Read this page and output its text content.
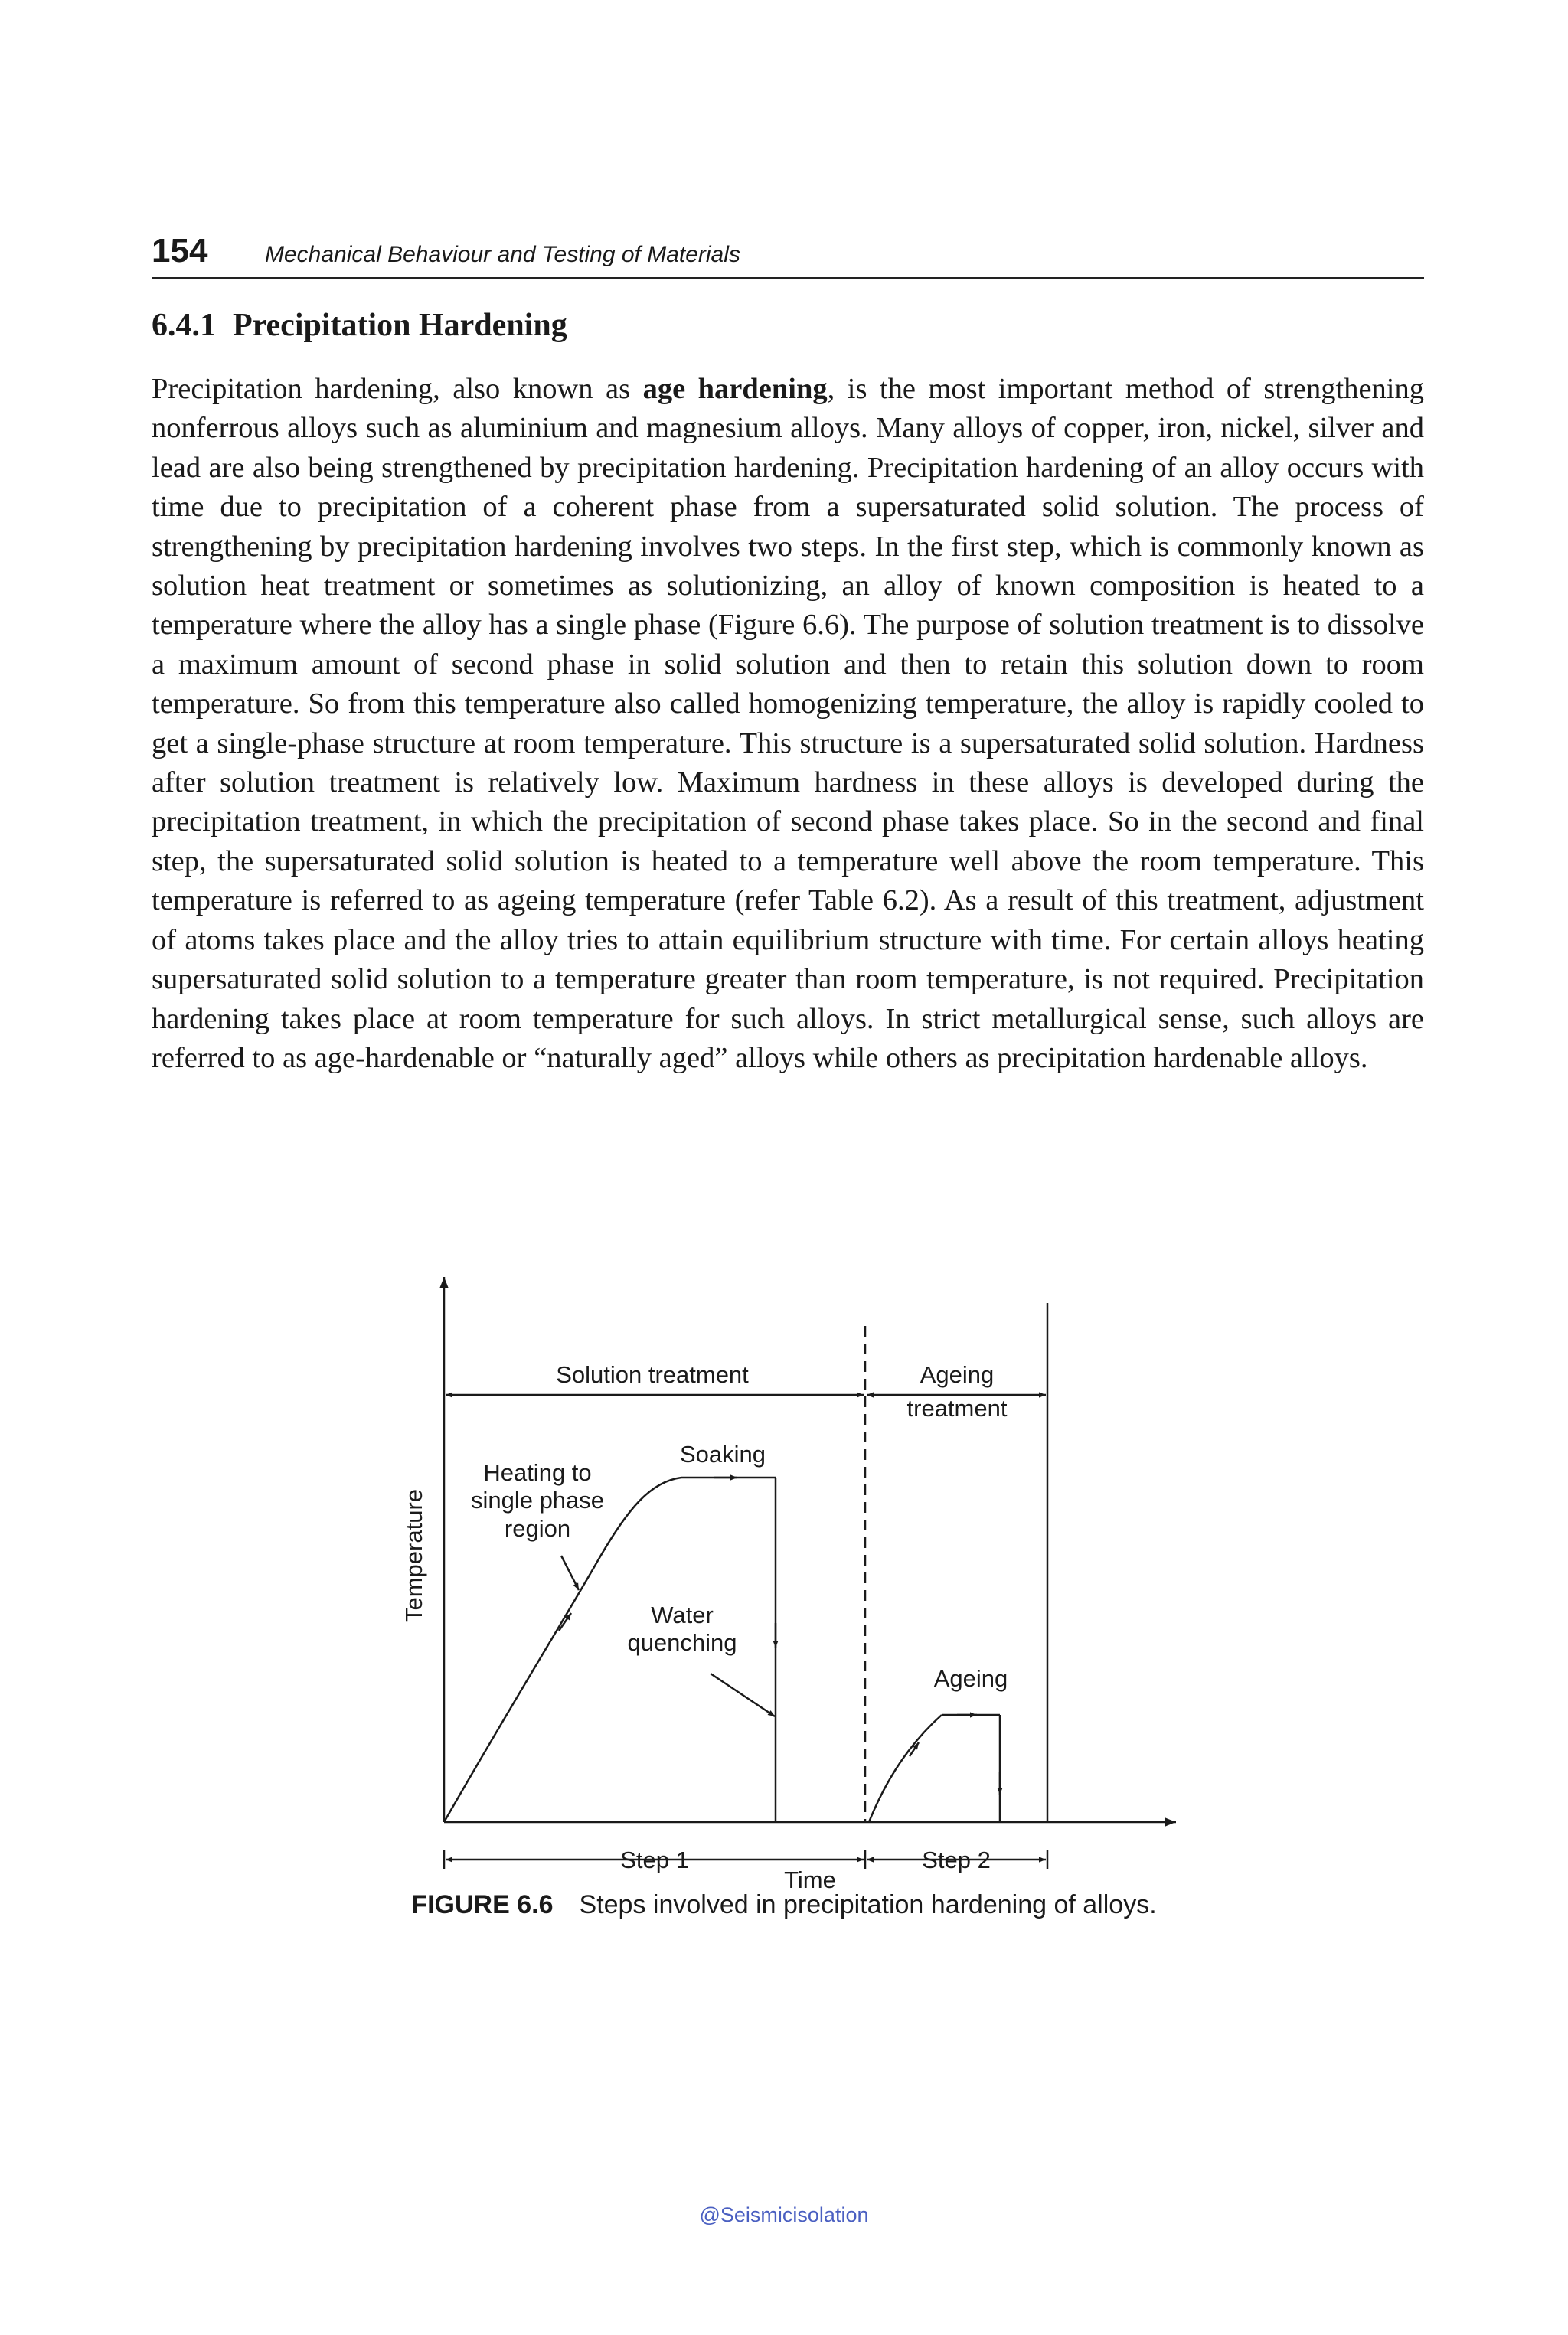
154 Mechanical Behaviour and Testing of Materials
6.4.1 Precipitation Hardening

Precipitation hardening, also known as age hardening, is the most important method of strengthening nonferrous alloys such as aluminium and magnesium alloys. Many alloys of copper, iron, nickel, silver and lead are also being strengthened by precipitation hardening. Precipitation hardening of an alloy occurs with time due to precipitation of a coherent phase from a supersaturated solid solution. The process of strengthening by precipitation hardening involves two steps. In the first step, which is commonly known as solution heat treatment or sometimes as solutionizing, an alloy of known composition is heated to a temperature where the alloy has a single phase (Figure 6.6). The purpose of solution treatment is to dissolve a maximum amount of second phase in solid solution and then to retain this solution down to room temperature. So from this temperature also called homogenizing temperature, the alloy is rapidly cooled to get a single-phase structure at room temperature. This structure is a supersaturated solid solution. Hardness after solution treatment is relatively low. Maximum hardness in these alloys is developed during the precipitation treatment, in which the precipitation of second phase takes place. So in the second and final step, the supersaturated solid solution is heated to a temperature well above the room temperature. This temperature is referred to as ageing temperature (refer Table 6.2). As a result of this treatment, adjustment of atoms takes place and the alloy tries to attain equilibrium structure with time. For certain alloys heating supersaturated solid solution to a temperature greater than room temperature, is not required. Precipitation hardening takes place at room temperature for such alloys. In strict metallurgical sense, such alloys are referred to as age-hardenable or “naturally aged” alloys while others as precipitation hardenable alloys.

Temperature
Time
Solution treatment	Ageing
treatment
Soaking
Heating to
single phase
region
Water
quenching
Ageing
Step 1	Step 2
FIGURE 6.6 Steps involved in precipitation hardening of alloys.
@Seismicisolation
